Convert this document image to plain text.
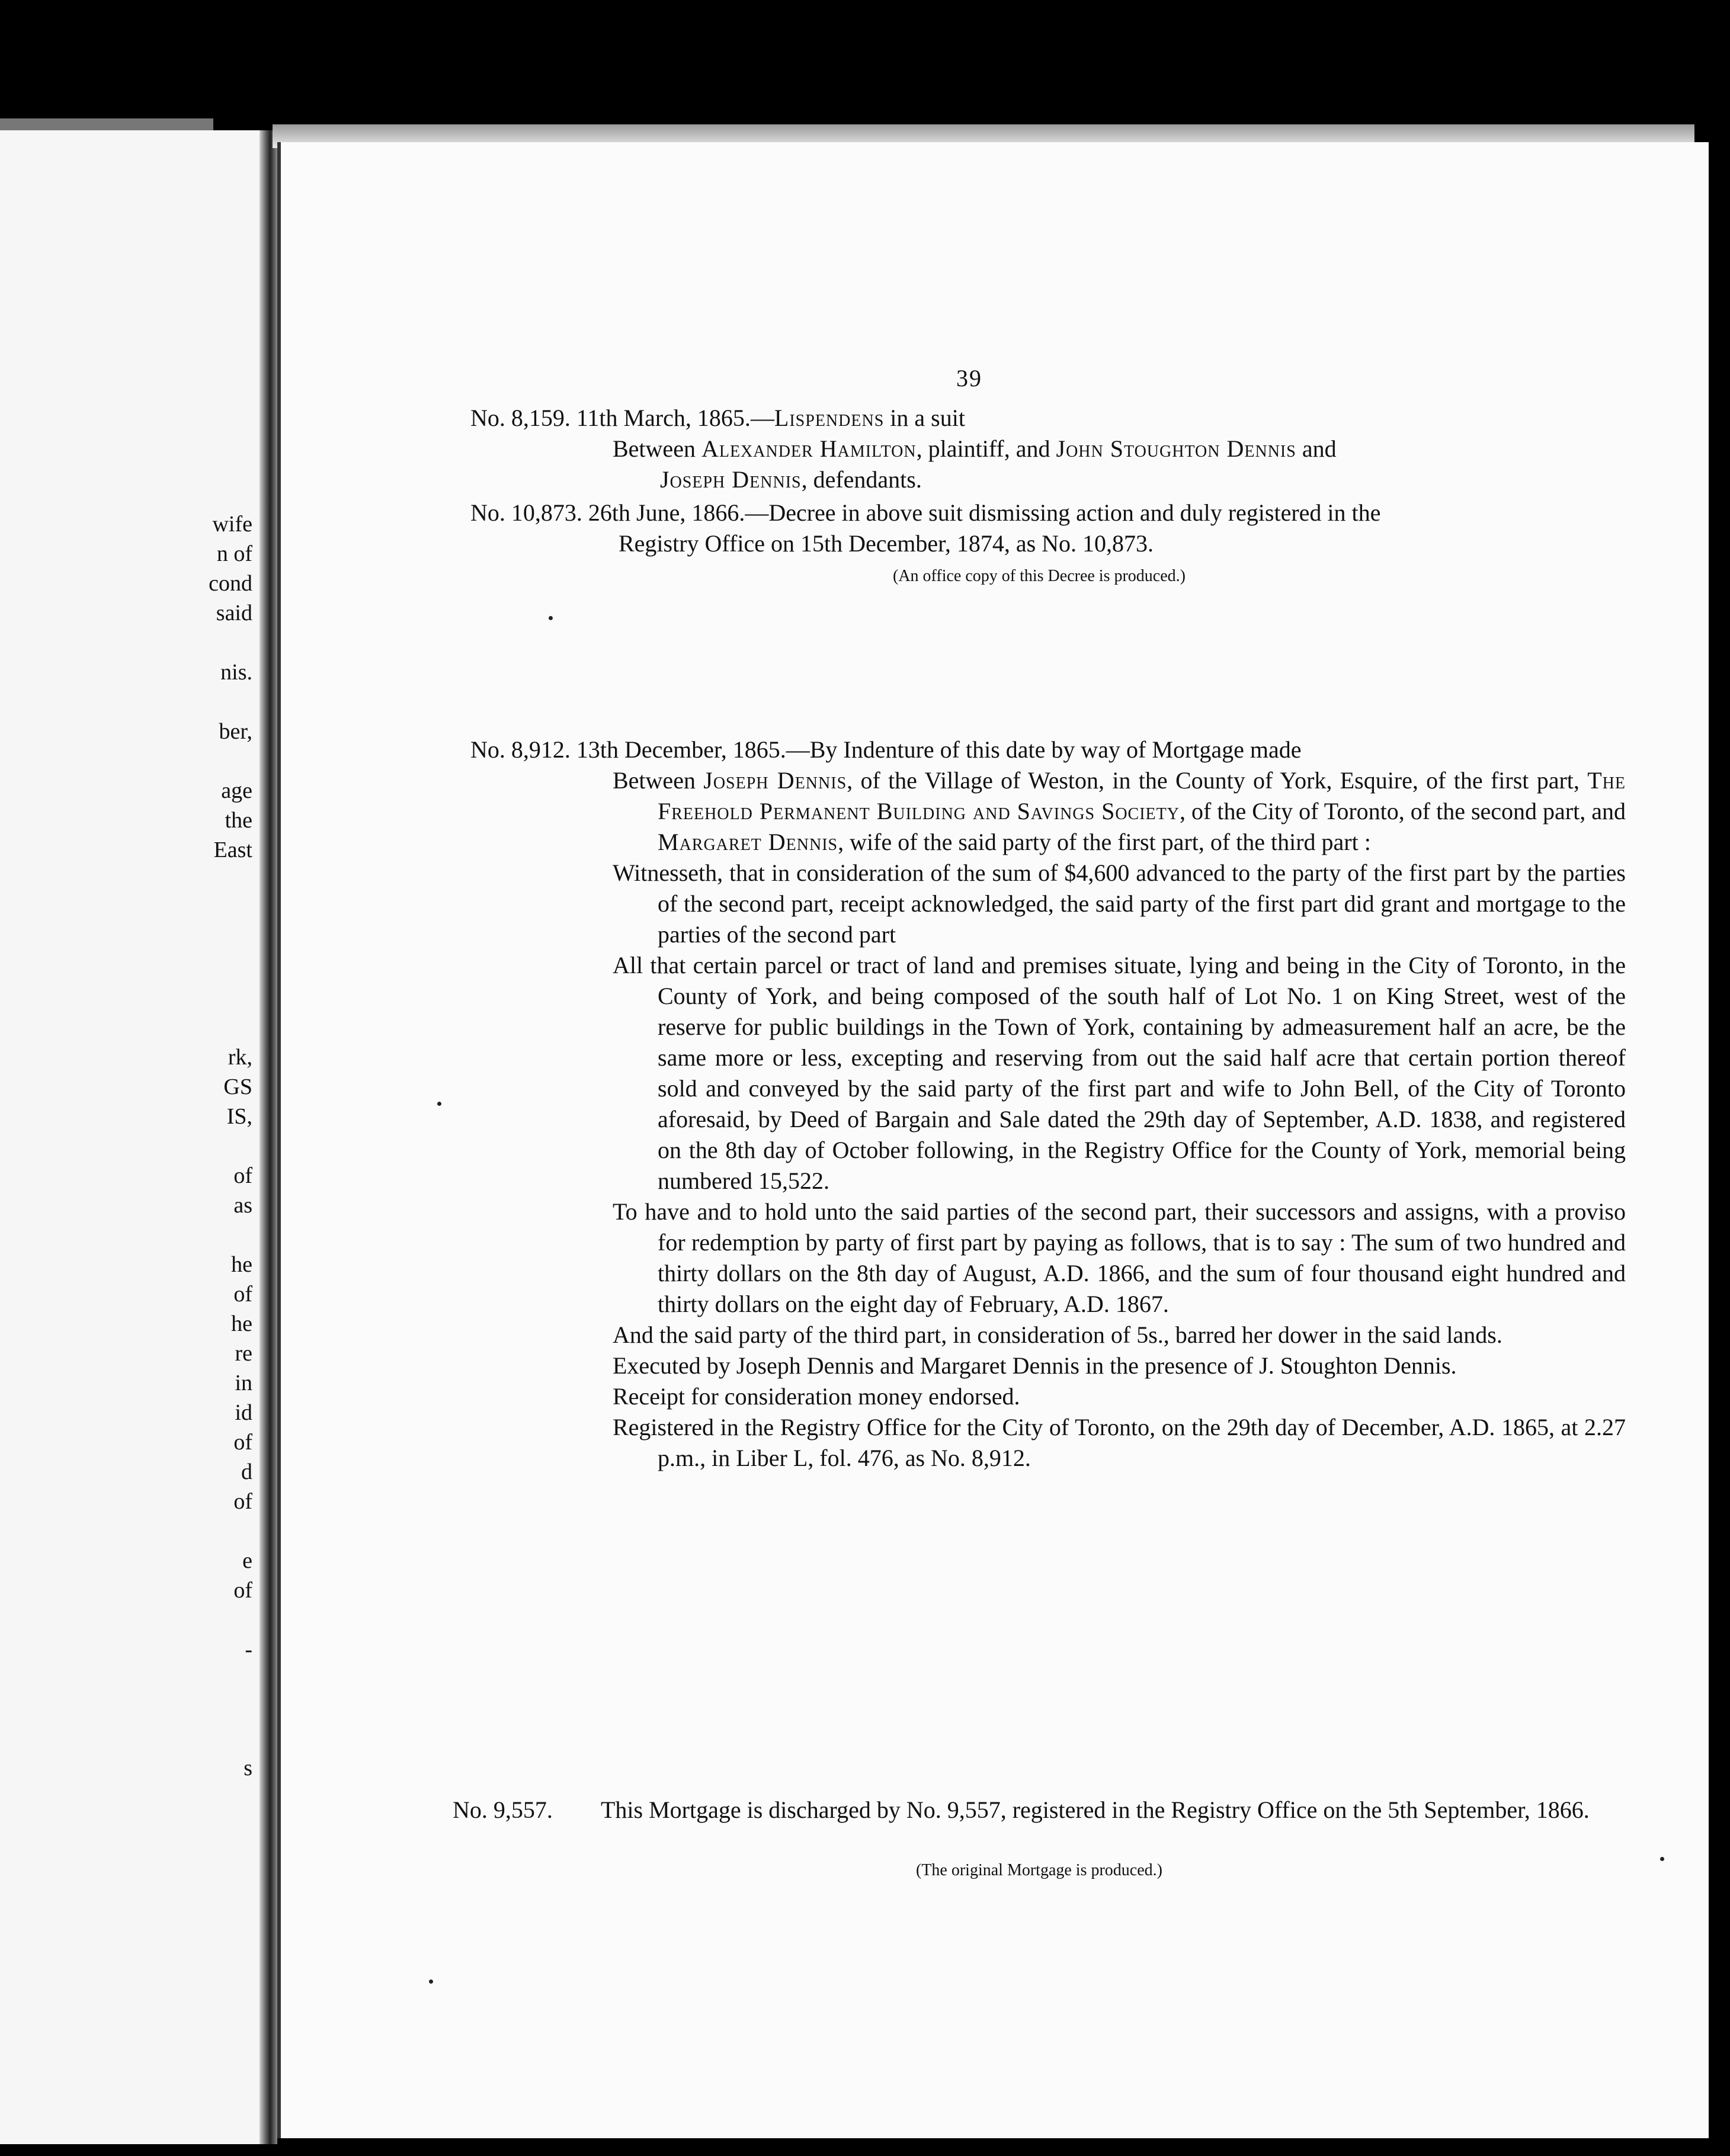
wife
n of
cond
said
nis.
ber,
age
the
East
rk,
GS
IS,
of
as
he
of
he
re
in
id
of
d
of
e
of
-
s
39
No. 8,159. 11th March, 1865.—Lispendens in a suit
Between Alexander Hamilton, plaintiff, and John Stoughton Dennis and
Joseph Dennis, defendants.
No. 10,873. 26th June, 1866.—Decree in above suit dismissing action and duly registered in the
Registry Office on 15th December, 1874, as No. 10,873.
(An office copy of this Decree is produced.)
No. 8,912. 13th December, 1865.—By Indenture of this date by way of Mortgage made

Between Joseph Dennis, of the Village of Weston, in the County of York, Esquire, of the first part, The Freehold Permanent Building and Savings Society, of the City of Toronto, of the second part, and Margaret Dennis, wife of the said party of the first part, of the third part :

Witnesseth, that in consideration of the sum of $4,600 advanced to the party of the first part by the parties of the second part, receipt acknowledged, the said party of the first part did grant and mortgage to the parties of the second part

All that certain parcel or tract of land and premises situate, lying and being in the City of Toronto, in the County of York, and being composed of the south half of Lot No. 1 on King Street, west of the reserve for public buildings in the Town of York, containing by admeasurement half an acre, be the same more or less, excepting and reserving from out the said half acre that certain portion thereof sold and conveyed by the said party of the first part and wife to John Bell, of the City of Toronto aforesaid, by Deed of Bargain and Sale dated the 29th day of September, A.D. 1838, and registered on the 8th day of October following, in the Registry Office for the County of York, memorial being numbered 15,522.

To have and to hold unto the said parties of the second part, their successors and assigns, with a proviso for redemption by party of first part by paying as follows, that is to say : The sum of two hundred and thirty dollars on the 8th day of August, A.D. 1866, and the sum of four thousand eight hundred and thirty dollars on the eight day of February, A.D. 1867.

And the said party of the third part, in consideration of 5s., barred her dower in the said lands.

Executed by Joseph Dennis and Margaret Dennis in the presence of J. Stoughton Dennis.

Receipt for consideration money endorsed.

Registered in the Registry Office for the City of Toronto, on the 29th day of December, A.D. 1865, at 2.27 p.m., in Liber L, fol. 476, as No. 8,912.

No. 9,557.	This Mortgage is discharged by No. 9,557, registered in the Registry Office on the 5th September, 1866.

(The original Mortgage is produced.)
